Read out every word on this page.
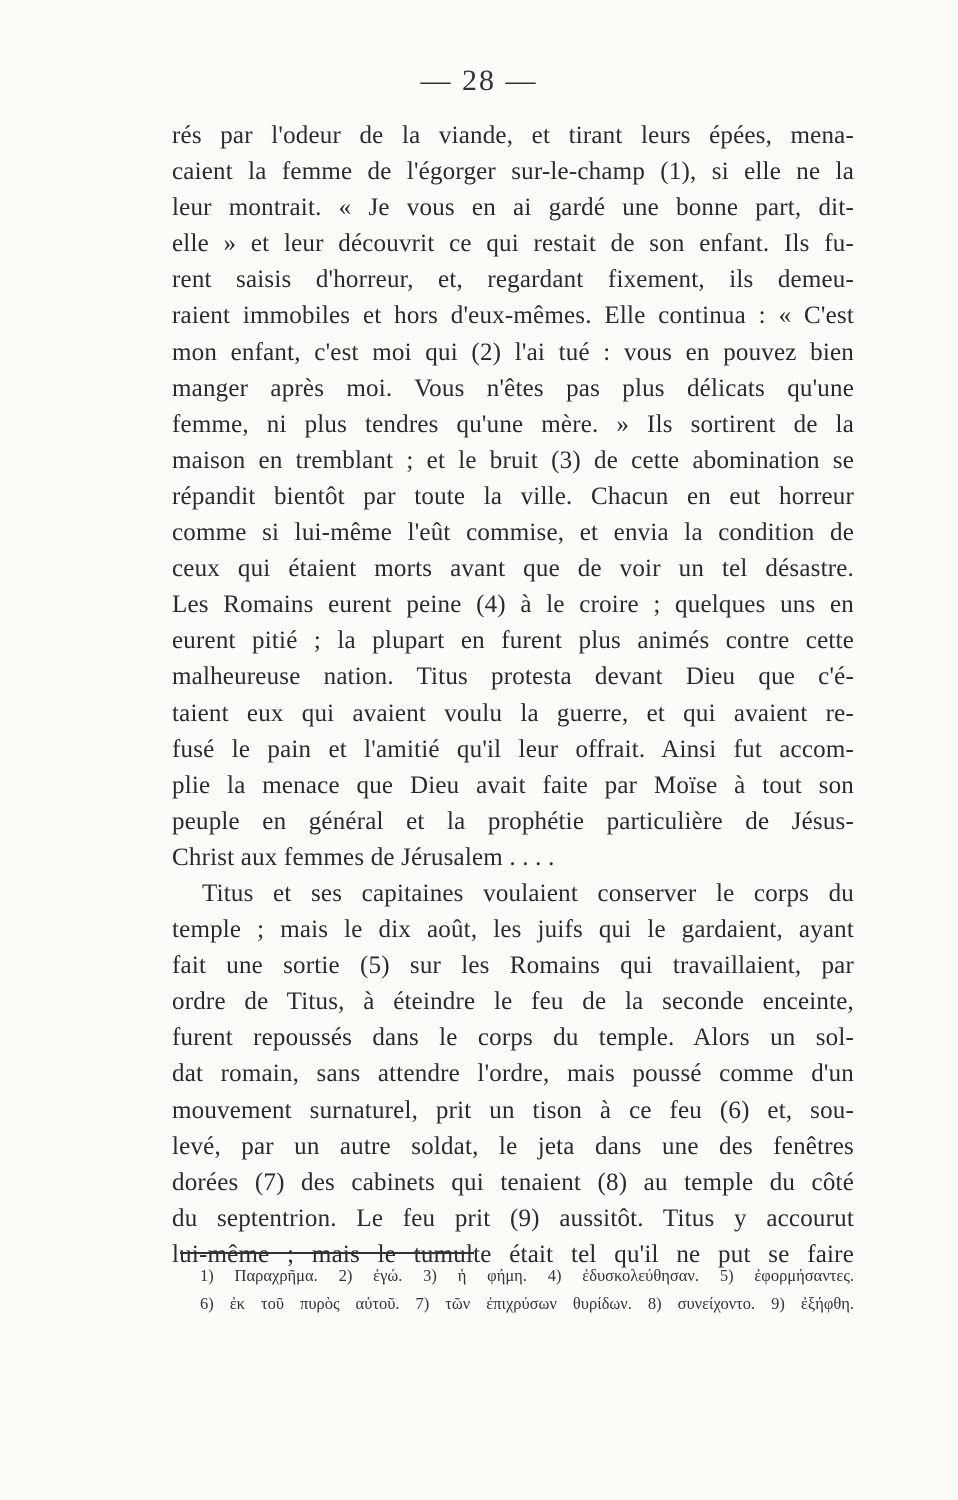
— 28 —
rés par l'odeur de la viande, et tirant leurs épées, mena-
caient la femme de l'égorger sur-le-champ (1), si elle ne la
leur montrait. « Je vous en ai gardé une bonne part, dit-
elle » et leur découvrit ce qui restait de son enfant. Ils fu-
rent saisis d'horreur, et, regardant fixement, ils demeu-
raient immobiles et hors d'eux-mêmes. Elle continua : « C'est
mon enfant, c'est moi qui (2) l'ai tué : vous en pouvez bien
manger après moi. Vous n'êtes pas plus délicats qu'une
femme, ni plus tendres qu'une mère. » Ils sortirent de la
maison en tremblant ; et le bruit (3) de cette abomination se
répandit bientôt par toute la ville. Chacun en eut horreur
comme si lui-même l'eût commise, et envia la condition de
ceux qui étaient morts avant que de voir un tel désastre.
Les Romains eurent peine (4) à le croire ; quelques uns en
eurent pitié ; la plupart en furent plus animés contre cette
malheureuse nation. Titus protesta devant Dieu que c'é-
taient eux qui avaient voulu la guerre, et qui avaient re-
fusé le pain et l'amitié qu'il leur offrait. Ainsi fut accom-
plie la menace que Dieu avait faite par Moïse à tout son
peuple en général et la prophétie particulière de Jésus-
Christ aux femmes de Jérusalem . . . .
Titus et ses capitaines voulaient conserver le corps du
temple ; mais le dix août, les juifs qui le gardaient, ayant
fait une sortie (5) sur les Romains qui travaillaient, par
ordre de Titus, à éteindre le feu de la seconde enceinte,
furent repoussés dans le corps du temple. Alors un sol-
dat romain, sans attendre l'ordre, mais poussé comme d'un
mouvement surnaturel, prit un tison à ce feu (6) et, sou-
levé, par un autre soldat, le jeta dans une des fenêtres
dorées (7) des cabinets qui tenaient (8) au temple du côté
du septentrion. Le feu prit (9) aussitôt. Titus y accourut
lui-même ; mais le tumulte était tel qu'il ne put se faire
1) Παραχρῆμα. 2) ἐγώ. 3) ἡ φήμη. 4) ἐδυσκολεύθησαν. 5) ἐφορμήσαντες.
6) ἐκ τοῦ πυρὸς αὐτοῦ. 7) τῶν ἐπιχρύσων θυρίδων. 8) συνείχοντο. 9) ἐξήφθη.
